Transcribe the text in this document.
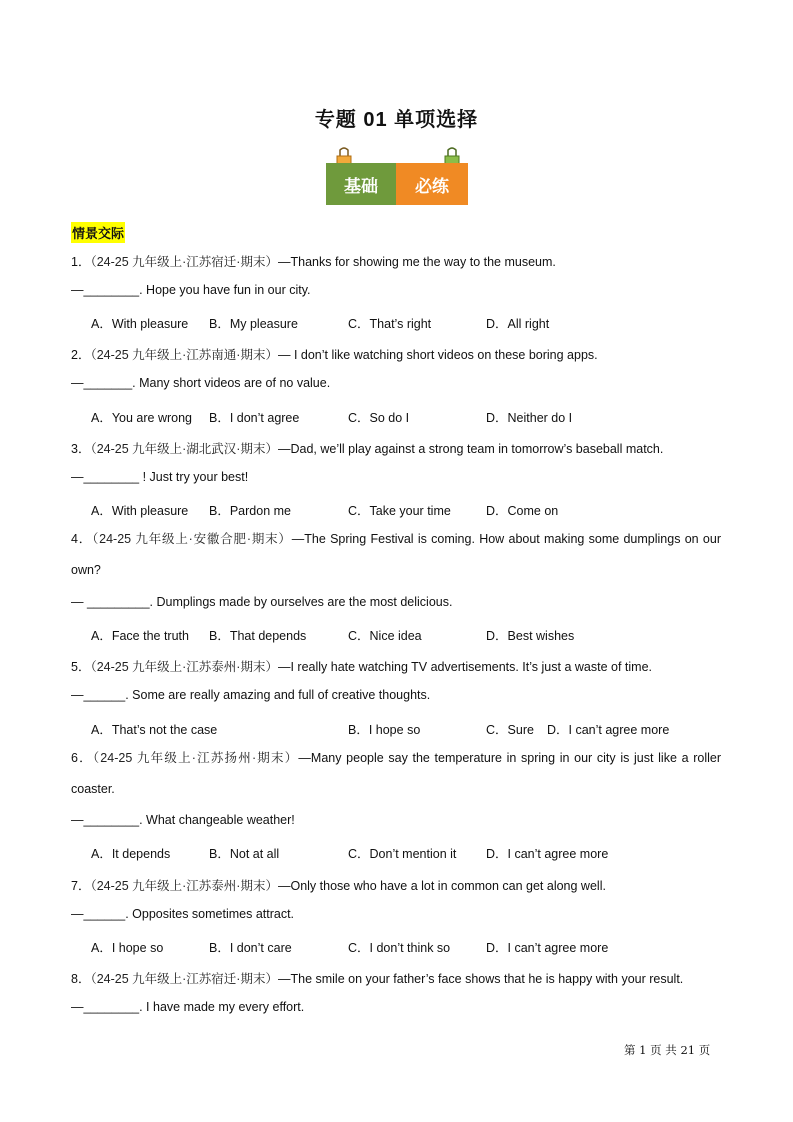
专题 01 单项选择
基础	必练
情景交际
1．（24-25 九年级上·江苏宿迁·期末）—Thanks for showing me the way to the museum.
—________. Hope you have fun in our city.
A．With pleasure B．My pleasure	C．That’s right	D．All right
2．（24-25 九年级上·江苏南通·期末）— I don’t like watching short videos on these boring apps.
—_______. Many short videos are of no value.
A．You are wrong B．I don’t agree	C．So do I	D．Neither do I
3．（24-25 九年级上·湖北武汉·期末）—Dad, we’ll play against a strong team in tomorrow’s baseball match.
—________ ! Just try your best!
A．With pleasure B．Pardon me	C．Take your time	D．Come on
4．（24-25 九年级上·安徽合肥·期末）—The Spring Festival is coming. How about making some dumplings on our own?
— _________. Dumplings made by ourselves are the most delicious.
A．Face the truth B．That depends	C．Nice idea	D．Best wishes
5．（24-25 九年级上·江苏泰州·期末）—I really hate watching TV advertisements. It’s just a waste of time.
—______. Some are really amazing and full of creative thoughts.
A．That’s not the case	B．I hope so	C．Sure D．I can’t agree more
6．（24-25 九年级上·江苏扬州·期末）—Many people say the temperature in spring in our city is just like a roller coaster.
—________. What changeable weather!
A．It depends	B．Not at all	C．Don’t mention it D．I can’t agree more
7．（24-25 九年级上·江苏泰州·期末）—Only those who have a lot in common can get along well.
—______. Opposites sometimes attract.
A．I hope so	B．I don’t care	C．I don’t think so	D．I can’t agree more
8．（24-25 九年级上·江苏宿迁·期末）—The smile on your father’s face shows that he is happy with your result.
—________. I have made my every effort.
第 1 页 共 21 页
